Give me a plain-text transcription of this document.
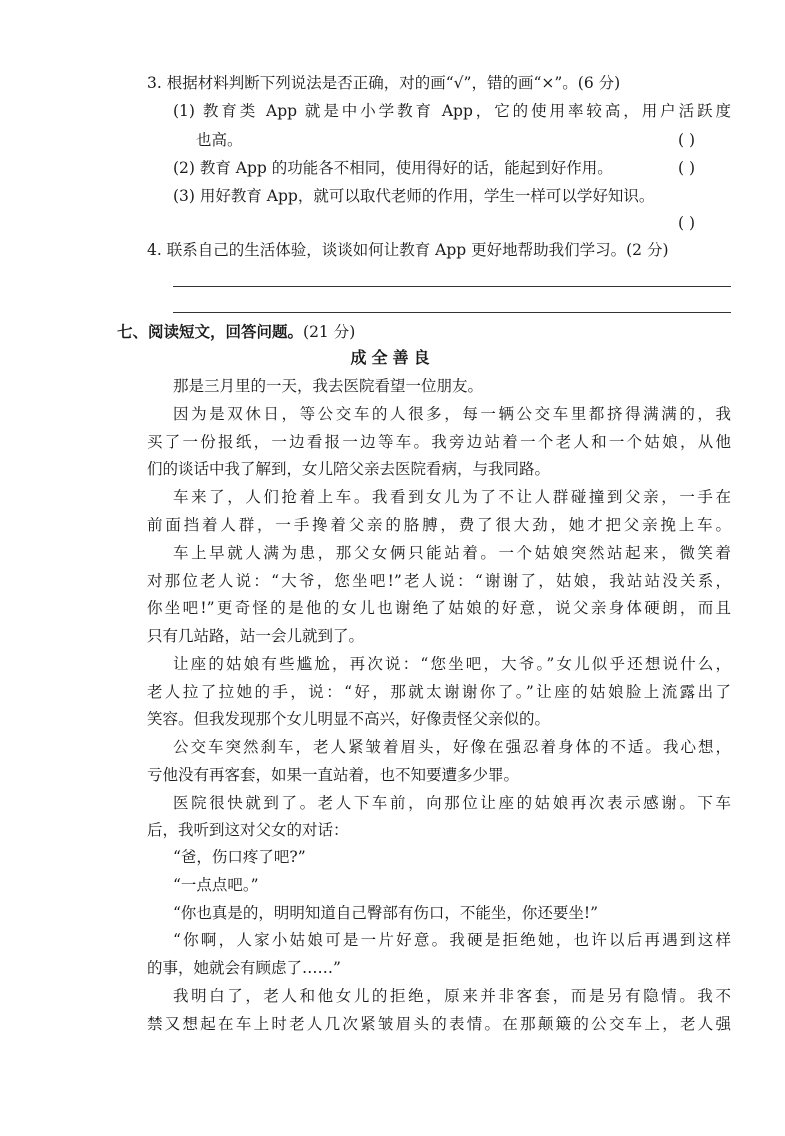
3. 根据材料判断下列说法是否正确，对的画“√”，错的画“×”。(6 分)
(1) 教育类 App 就是中小学教育 App，它的使用率较高，用户活跃度
也高。	( )
(2) 教育 App 的功能各不相同，使用得好的话，能起到好作用。	( )
(3) 用好教育 App，就可以取代老师的作用，学生一样可以学好知识。
( )
4. 联系自己的生活体验，谈谈如何让教育 App 更好地帮助我们学习。(2 分)
七、阅读短文，回答问题。(21 分)
成全善良
那是三月里的一天，我去医院看望一位朋友。
因为是双休日，等公交车的人很多，每一辆公交车里都挤得满满的，我
买了一份报纸，一边看报一边等车。我旁边站着一个老人和一个姑娘，从他
们的谈话中我了解到，女儿陪父亲去医院看病，与我同路。
车来了，人们抢着上车。我看到女儿为了不让人群碰撞到父亲，一手在
前面挡着人群，一手搀着父亲的胳膊，费了很大劲，她才把父亲挽上车。
车上早就人满为患，那父女俩只能站着。一个姑娘突然站起来，微笑着
对那位老人说：“大爷，您坐吧!”老人说：“谢谢了，姑娘，我站站没关系，
你坐吧!”更奇怪的是他的女儿也谢绝了姑娘的好意，说父亲身体硬朗，而且
只有几站路，站一会儿就到了。
让座的姑娘有些尴尬，再次说：“您坐吧，大爷。”女儿似乎还想说什么，
老人拉了拉她的手，说：“好，那就太谢谢你了。”让座的姑娘脸上流露出了
笑容。但我发现那个女儿明显不高兴，好像责怪父亲似的。
公交车突然刹车，老人紧皱着眉头，好像在强忍着身体的不适。我心想，
亏他没有再客套，如果一直站着，也不知要遭多少罪。
医院很快就到了。老人下车前，向那位让座的姑娘再次表示感谢。下车
后，我听到这对父女的对话：
“爸，伤口疼了吧?”
“一点点吧。”
“你也真是的，明明知道自己臀部有伤口，不能坐，你还要坐!”
“你啊，人家小姑娘可是一片好意。我硬是拒绝她，也许以后再遇到这样
的事，她就会有顾虑了……”
我明白了，老人和他女儿的拒绝，原来并非客套，而是另有隐情。我不
禁又想起在车上时老人几次紧皱眉头的表情。在那颠簸的公交车上，老人强
